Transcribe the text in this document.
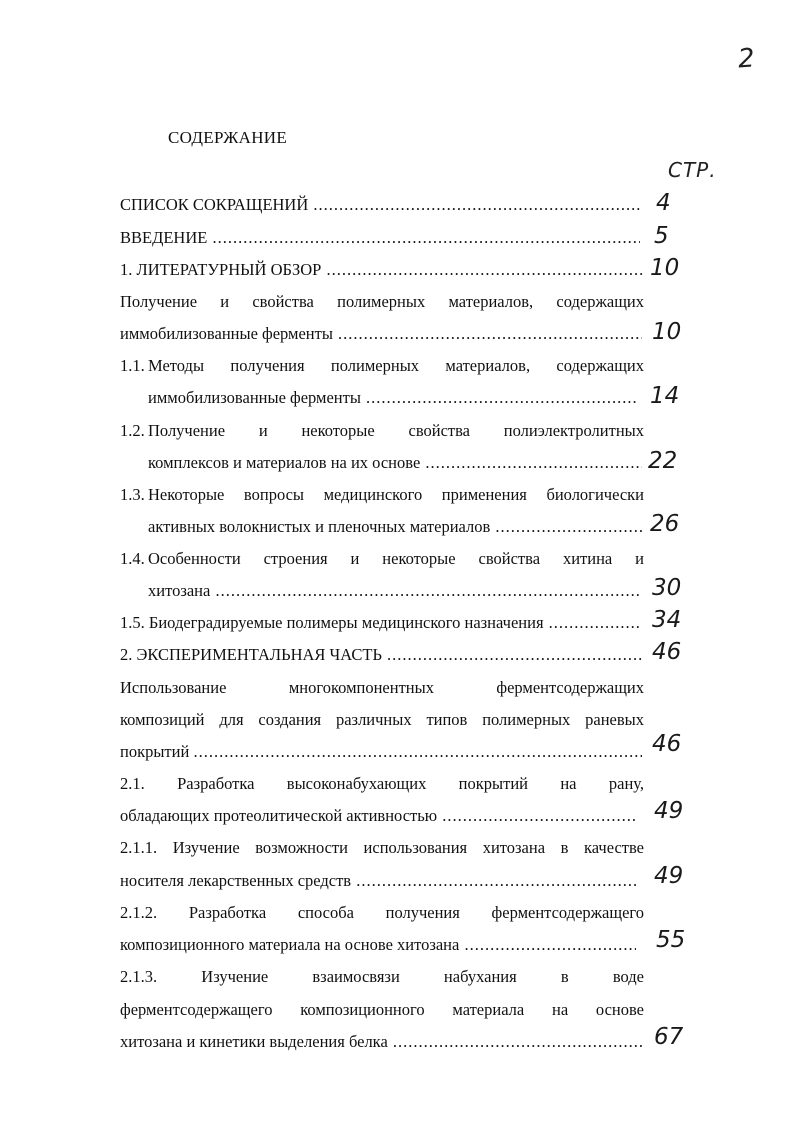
2
СОДЕРЖАНИЕ
СТР.
СПИСОК СОКРАЩЕНИЙ .....	4
ВВЕДЕНИЕ .....	5
1. ЛИТЕРАТУРНЫЙ ОБЗОР .....	10
Получение и свойства полимерных материалов, содержащих
иммобилизованные ферменты .....	10
1.1. Методы получения полимерных материалов, содержащих
иммобилизованные ферменты .....	14
1.2. Получение и некоторые свойства полиэлектролитных
комплексов и материалов на их основе .....	22
1.3. Некоторые вопросы медицинского применения биологически
активных волокнистых и пленочных материалов .....	26
1.4. Особенности строения и некоторые свойства хитина и
хитозана .....	30
1.5. Биодеградируемые полимеры медицинского назначения .....	34
2. ЭКСПЕРИМЕНТАЛЬНАЯ ЧАСТЬ .....	46
Использование многокомпонентных ферментсодержащих
композиций для создания различных типов полимерных раневых
покрытий .....	46
2.1. Разработка высоконабухающих покрытий на рану,
обладающих протеолитической активностью .....	49
2.1.1. Изучение возможности использования хитозана в качестве
носителя лекарственных средств .....	49
2.1.2. Разработка способа получения ферментсодержащего
композиционного материала на основе хитозана .....	55
2.1.3. Изучение взаимосвязи набухания в воде
ферментсодержащего композиционного материала на основе
хитозана и кинетики выделения белка .....	67
